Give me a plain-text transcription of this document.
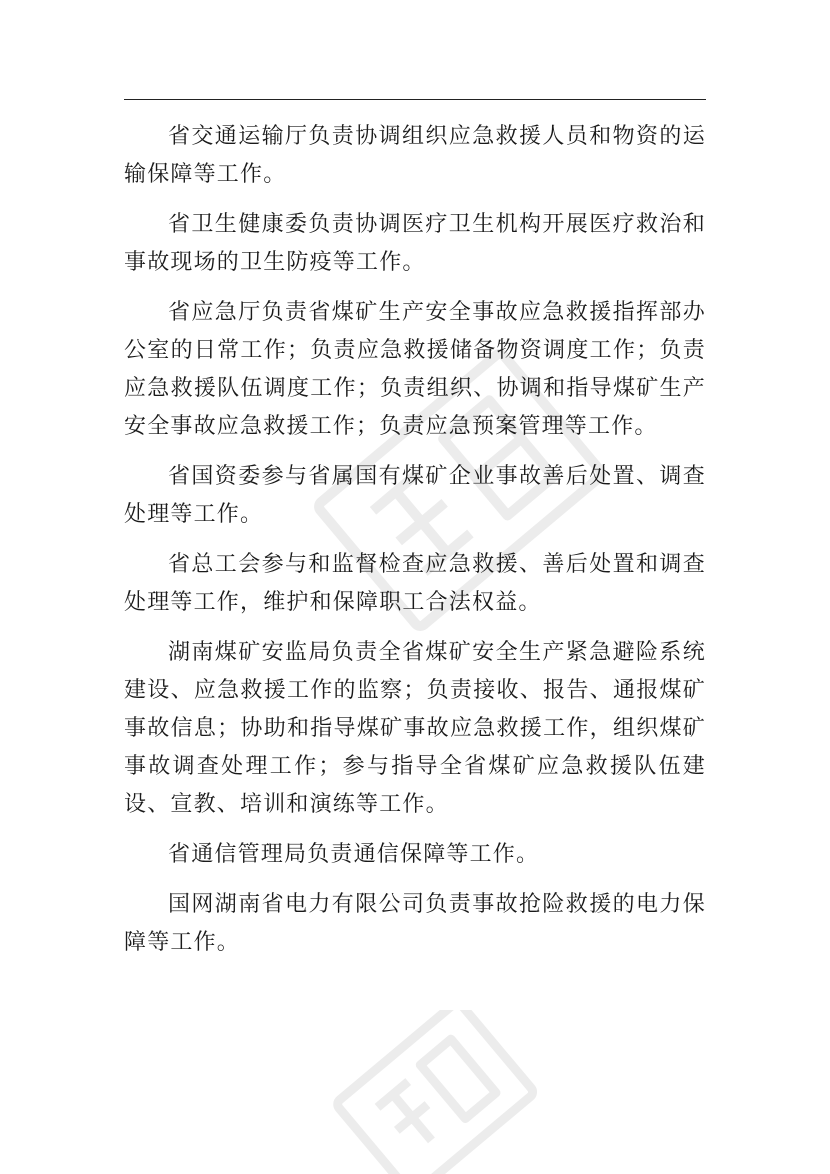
省交通运输厅负责协调组织应急救援人员和物资的运输保障等工作。

省卫生健康委负责协调医疗卫生机构开展医疗救治和事故现场的卫生防疫等工作。

省应急厅负责省煤矿生产安全事故应急救援指挥部办公室的日常工作；负责应急救援储备物资调度工作；负责应急救援队伍调度工作；负责组织、协调和指导煤矿生产安全事故应急救援工作；负责应急预案管理等工作。

省国资委参与省属国有煤矿企业事故善后处置、调查处理等工作。

省总工会参与和监督检查应急救援、善后处置和调查处理等工作，维护和保障职工合法权益。

湖南煤矿安监局负责全省煤矿安全生产紧急避险系统建设、应急救援工作的监察；负责接收、报告、通报煤矿事故信息；协助和指导煤矿事故应急救援工作，组织煤矿事故调查处理工作；参与指导全省煤矿应急救援队伍建设、宣教、培训和演练等工作。

省通信管理局负责通信保障等工作。

国网湖南省电力有限公司负责事故抢险救援的电力保障等工作。
